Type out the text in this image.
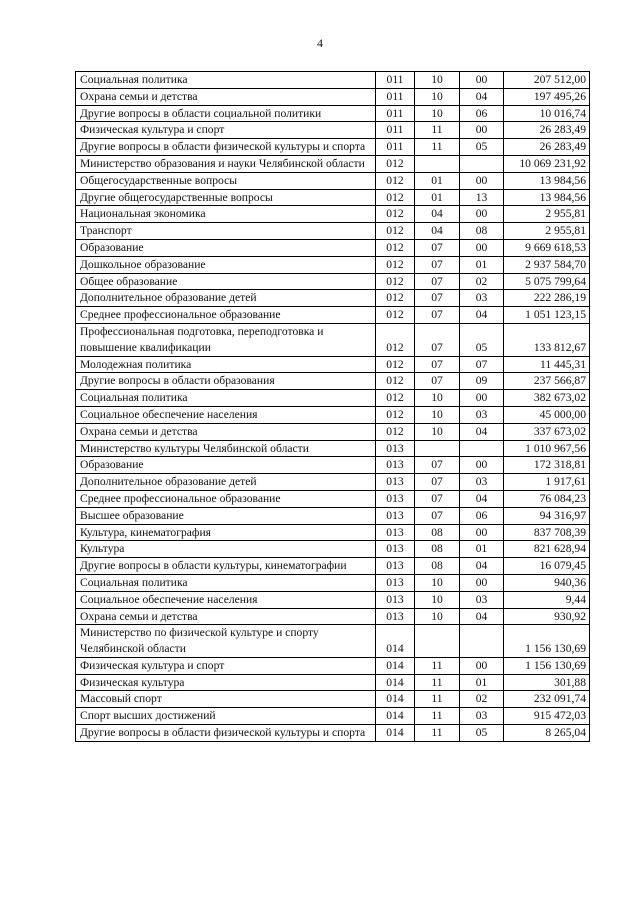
4
Социальная политика	011	10	00	207 512,00
Охрана семьи и детства	011	10	04	197 495,26
Другие вопросы в области социальной политики	011	10	06	10 016,74
Физическая культура и спорт	011	11	00	26 283,49
Другие вопросы в области физической культуры и спорта	011	11	05	26 283,49
Министерство образования и науки Челябинской области	012			10 069 231,92
Общегосударственные вопросы	012	01	00	13 984,56
Другие общегосударственные вопросы	012	01	13	13 984,56
Национальная экономика	012	04	00	2 955,81
Транспорт	012	04	08	2 955,81
Образование	012	07	00	9 669 618,53
Дошкольное образование	012	07	01	2 937 584,70
Общее образование	012	07	02	5 075 799,64
Дополнительное образование детей	012	07	03	222 286,19
Среднее профессиональное образование	012	07	04	1 051 123,15
Профессиональная подготовка, переподготовка и повышение квалификации	012	07	05	133 812,67
Молодежная политика	012	07	07	11 445,31
Другие вопросы в области образования	012	07	09	237 566,87
Социальная политика	012	10	00	382 673,02
Социальное обеспечение населения	012	10	03	45 000,00
Охрана семьи и детства	012	10	04	337 673,02
Министерство культуры Челябинской области	013			1 010 967,56
Образование	013	07	00	172 318,81
Дополнительное образование детей	013	07	03	1 917,61
Среднее профессиональное образование	013	07	04	76 084,23
Высшее образование	013	07	06	94 316,97
Культура, кинематография	013	08	00	837 708,39
Культура	013	08	01	821 628,94
Другие вопросы в области культуры, кинематографии	013	08	04	16 079,45
Социальная политика	013	10	00	940,36
Социальное обеспечение населения	013	10	03	9,44
Охрана семьи и детства	013	10	04	930,92
Министерство по физической культуре и спорту Челябинской области	014			1 156 130,69
Физическая культура и спорт	014	11	00	1 156 130,69
Физическая культура	014	11	01	301,88
Массовый спорт	014	11	02	232 091,74
Спорт высших достижений	014	11	03	915 472,03
Другие вопросы в области физической культуры и спорта	014	11	05	8 265,04
